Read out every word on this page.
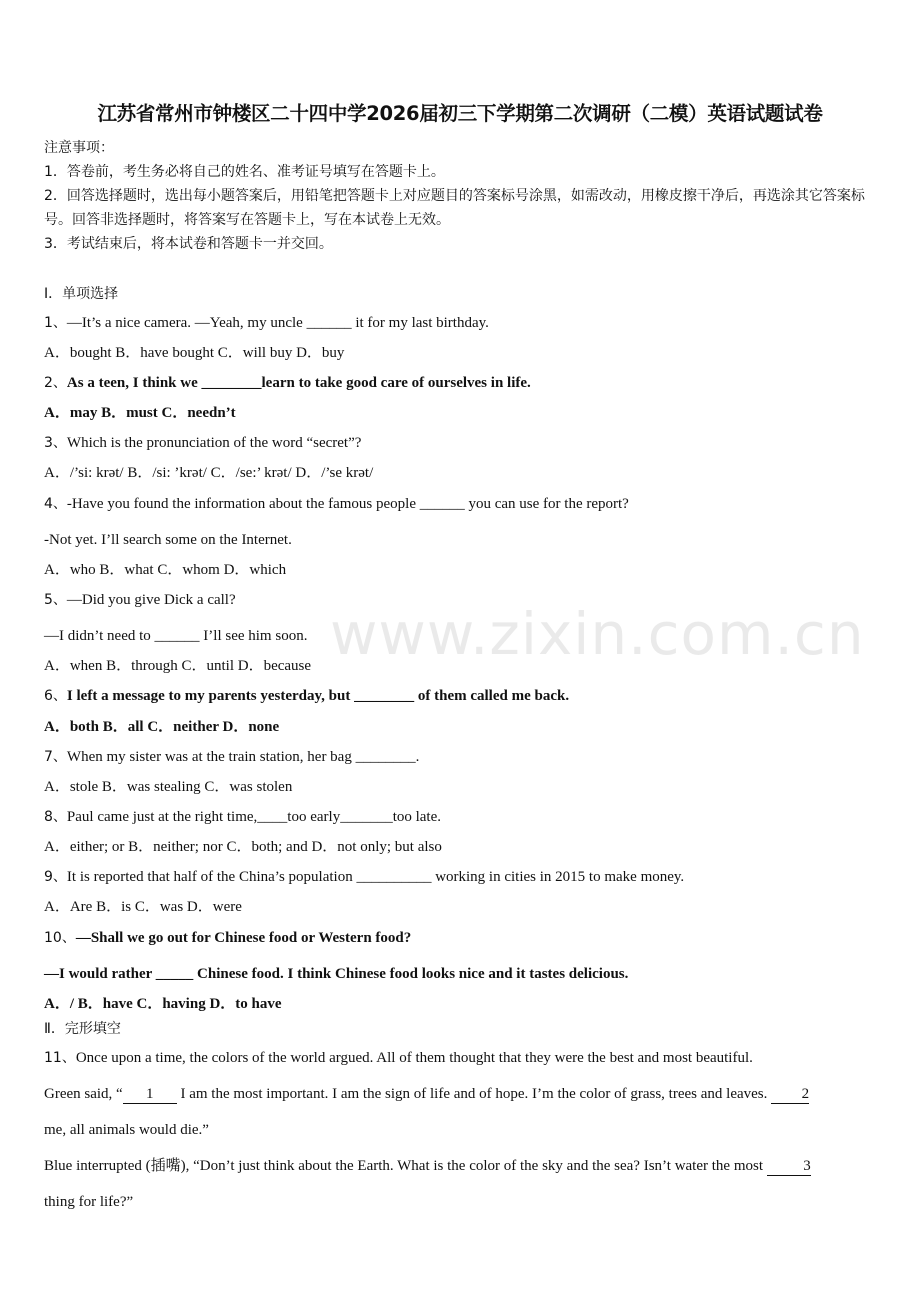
江苏省常州市钟楼区二十四中学2026届初三下学期第二次调研（二模）英语试题试卷
注意事项：
1．答卷前，考生务必将自己的姓名、准考证号填写在答题卡上。
2．回答选择题时，选出每小题答案后，用铅笔把答题卡上对应题目的答案标号涂黑，如需改动，用橡皮擦干净后，再选涂其它答案标号。回答非选择题时，将答案写在答题卡上，写在本试卷上无效。
3．考试结束后，将本试卷和答题卡一并交回。
Ⅰ．单项选择
1、—It’s a nice camera. —Yeah, my uncle ______ it for my last birthday.
A．bought B．have bought C．will buy D．buy
2、As a teen, I think we ________learn to take good care of ourselves in life.
A．may B．must C．needn’t
3、Which is the pronunciation of the word “secret”?
A．/’si: krət/ B．/si: ’krət/ C．/se:’ krət/ D．/’se krət/
4、-Have you found the information about the famous people ______ you can use for the report?
-Not yet. I’ll search some on the Internet.
A．who B．what C．whom D．which
5、—Did you give Dick a call?
—I didn’t need to ______ I’ll see him soon.
A．when B．through C．until D．because
6、I left a message to my parents yesterday, but ________ of them called me back.
A．both B．all C．neither D．none
7、When my sister was at the train station, her bag ________.
A．stole B．was stealing C．was stolen
8、Paul came just at the right time,____too early_______too late.
A．either; or B．neither; nor C．both; and D．not only; but also
9、It is reported that half of the China’s population __________ working in cities in 2015 to make money.
A．Are B．is C．was D．were
10、—Shall we go out for Chinese food or Western food?
—I would rather _____ Chinese food. I think Chinese food looks nice and it tastes delicious.
A．/ B．have C．having D．to have
Ⅱ．完形填空
11、Once upon a time, the colors of the world argued. All of them thought that they were the best and most beautiful.
Green said, “ 1 I am the most important. I am the sign of life and of hope. I’m the color of grass, trees and leaves. 2
me, all animals would die.”
Blue interrupted (插嘴), “Don’t just think about the Earth. What is the color of the sky and the sea? Isn’t water the most 3
thing for life?”
www.zixin.com.cn
